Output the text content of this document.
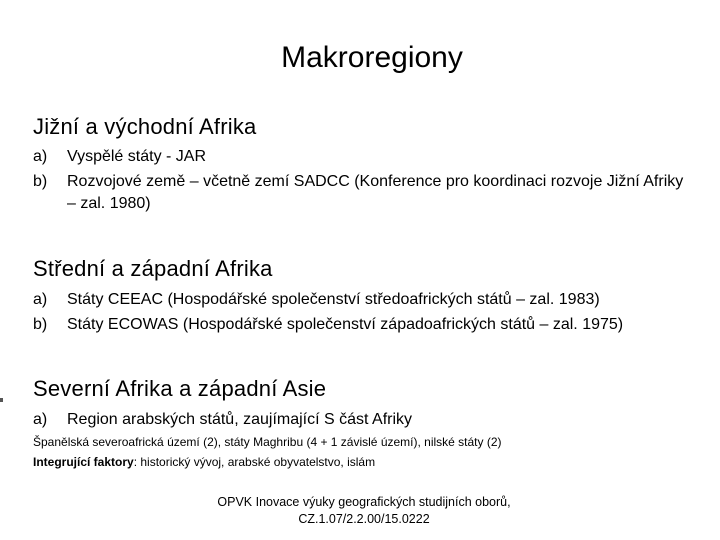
Makroregiony
Jižní a východní Afrika
a)	Vyspělé státy - JAR
b)	Rozvojové země – včetně zemí SADCC (Konference pro koordinaci rozvoje Jižní Afriky – zal. 1980)
Střední a západní Afrika
a)	Státy CEEAC (Hospodářské společenství středoafrických států – zal. 1983)
b)	Státy ECOWAS (Hospodářské společenství západoafrických států – zal. 1975)
Severní Afrika a západní Asie
a)	Region arabských států, zaujímající S část Afriky
Španělská severoafrická území (2), státy Maghribu (4 + 1 závislé území), nilské státy (2)
Integrující faktory: historický vývoj, arabské obyvatelstvo, islám
OPVK Inovace výuky geografických studijních oborů,
CZ.1.07/2.2.00/15.0222
